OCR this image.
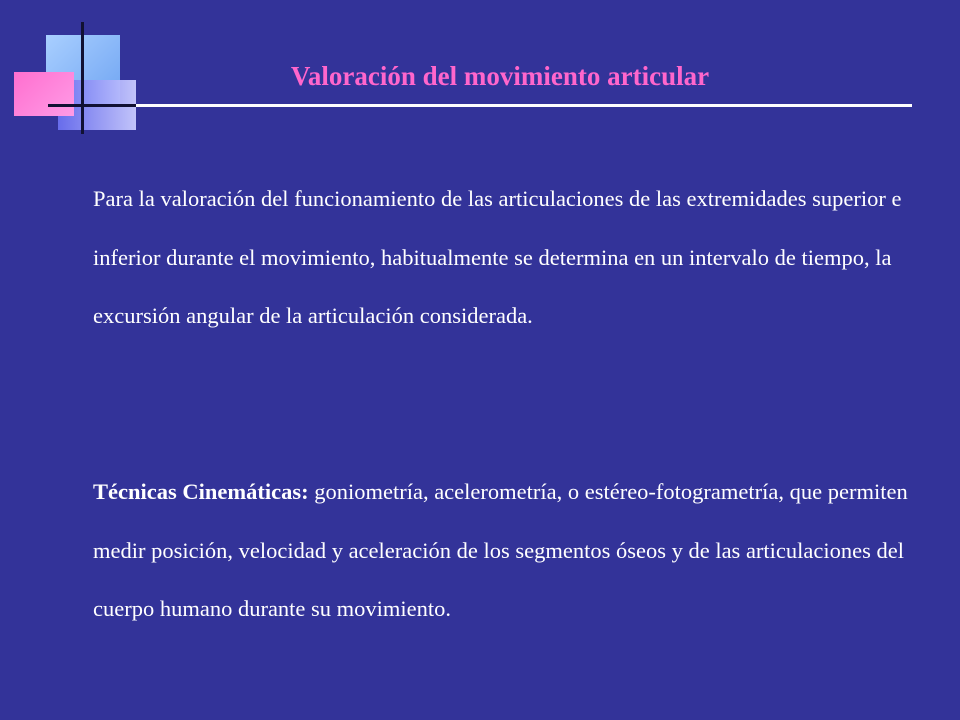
Valoración del movimiento articular

Para la valoración del funcionamiento de las articulaciones de las extremidades superior e inferior durante el movimiento, habitualmente se determina en un intervalo de tiempo, la excursión angular de la articulación considerada.

Técnicas Cinemáticas: goniometría, acelerometría, o estéreo-fotogrametría, que permiten medir posición, velocidad y aceleración de los segmentos óseos y de las articulaciones del cuerpo humano durante su movimiento.
